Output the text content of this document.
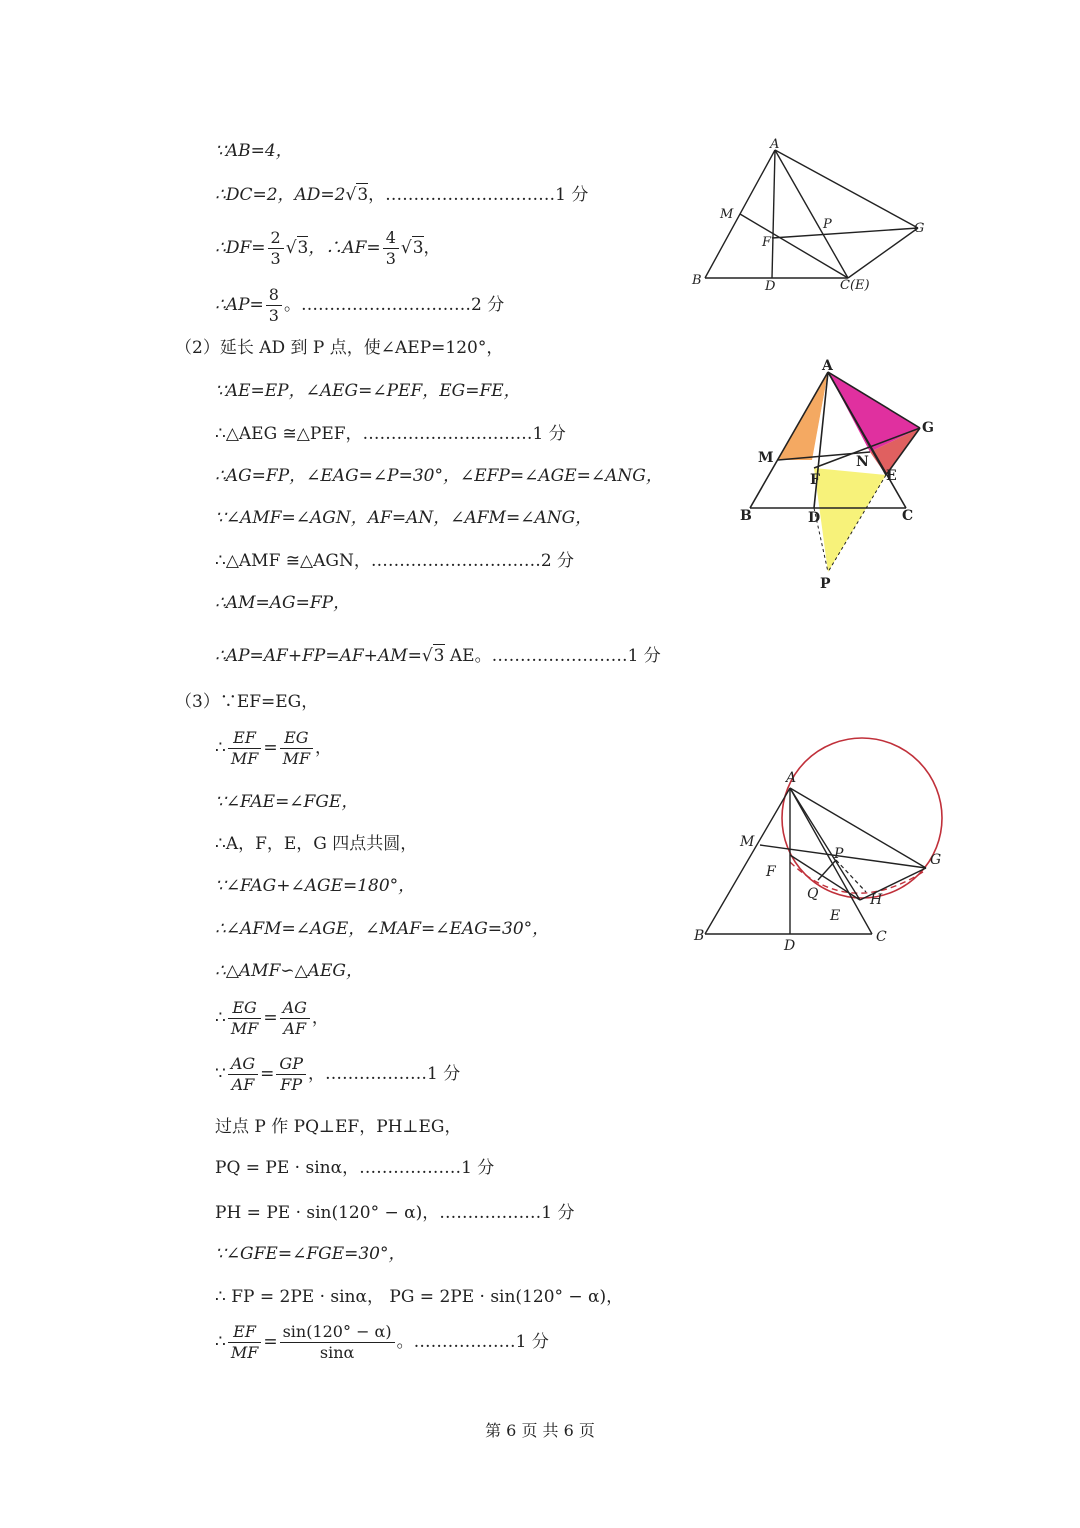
∵AB=4，
∴DC=2，AD=2√3，…………………………1 分
∴DF= $\frac{2}{3} √3$，∴AF= $\frac{4}{3} √3$，
∴AP= $\frac{8}{3}$ 。…………………………2 分
（2）延长 AD 到 P 点，使∠AEP=120°，
∵AE=EP，∠AEG=∠PEF，EG=FE，
∴△AEG ≅△PEF，…………………………1 分
∴AG=FP，∠EAG=∠P=30°，∠EFP=∠AGE=∠ANG，
∵∠AMF=∠AGN，AF=AN，∠AFM=∠ANG，
∴△AMF ≅△AGN，…………………………2 分
∴AM=AG=FP，
∴AP=AF+FP=AF+AM=√3 AE。……………………1 分
（3）∵EF=EG，
∴ $\frac{EF}{MF} = \frac{EG}{MF}$ ，
∵∠FAE=∠FGE，
∴A，F，E，G 四点共圆，
∵∠FAG+∠AGE=180°，
∴∠AFM=∠AGE，∠MAF=∠EAG=30°，
∴△AMF∽△AEG，
∴ $\frac{EG}{MF} = \frac{AG}{AF}$ ，
∵ $\frac{AG}{AF} = \frac{GP}{FP}$ ，………………1 分
过点 P 作 PQ⊥EF，PH⊥EG，
PQ = PE · sinα，………………1 分
PH = PE · sin(120° − α)，………………1 分
∵∠GFE=∠FGE=30°，
∴ FP = 2PE · sinα， PG = 2PE · sin(120° − α)，
∴ $\frac{EF}{MF} = \frac{\sin(120^\circ - \alpha)}{\sin\alpha}$ 。………………1 分
第 6 页 共 6 页
A
M
P	G
F
B	D	C(E)
A
G
M	N
E
F
B	D	C
P
A
M
P	G
F
Q	H
E
B
D
C
